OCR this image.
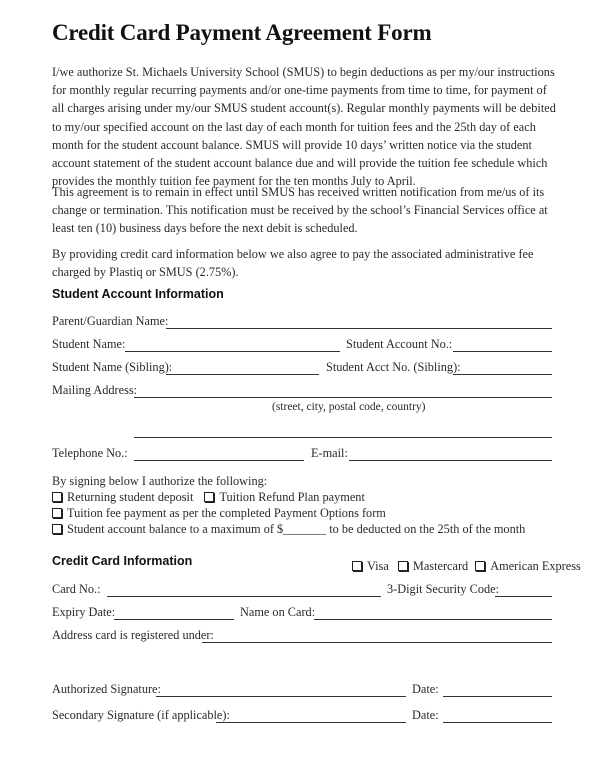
Credit Card Payment Agreement Form
I/we authorize St. Michaels University School (SMUS) to begin deductions as per my/our instructions for monthly regular recurring payments and/or one-time payments from time to time, for payment of all charges arising under my/our SMUS student account(s). Regular monthly payments will be debited to my/our specified account on the last day of each month for tuition fees and the 25th day of each month for the student account balance. SMUS will provide 10 days’ written notice via the student account statement of the student account balance due and will provide the tuition fee schedule which provides the monthly tuition fee payment for the ten months July to April.
This agreement is to remain in effect until SMUS has received written notification from me/us of its change or termination. This notification must be received by the school’s Financial Services office at least ten (10) business days before the next debit is scheduled.
By providing credit card information below we also agree to pay the associated administrative fee charged by Plastiq or SMUS (2.75%).
Student Account Information
Parent/Guardian Name:
Student Name:	Student Account No.:
Student Name (Sibling):	Student Acct No. (Sibling):
Mailing Address:
(street, city, postal code, country)
Telephone No.:	E-mail:
By signing below I authorize the following:
Returning student deposit Tuition Refund Plan payment
Tuition fee payment as per the completed Payment Options form
Student account balance to a maximum of $_______ to be deducted on the 25th of the month
Credit Card Information	Visa Mastercard American Express
Card No.:	3-Digit Security Code:
Expiry Date:	Name on Card:
Address card is registered under:
Authorized Signature:	Date:
Secondary Signature (if applicable):	Date:
